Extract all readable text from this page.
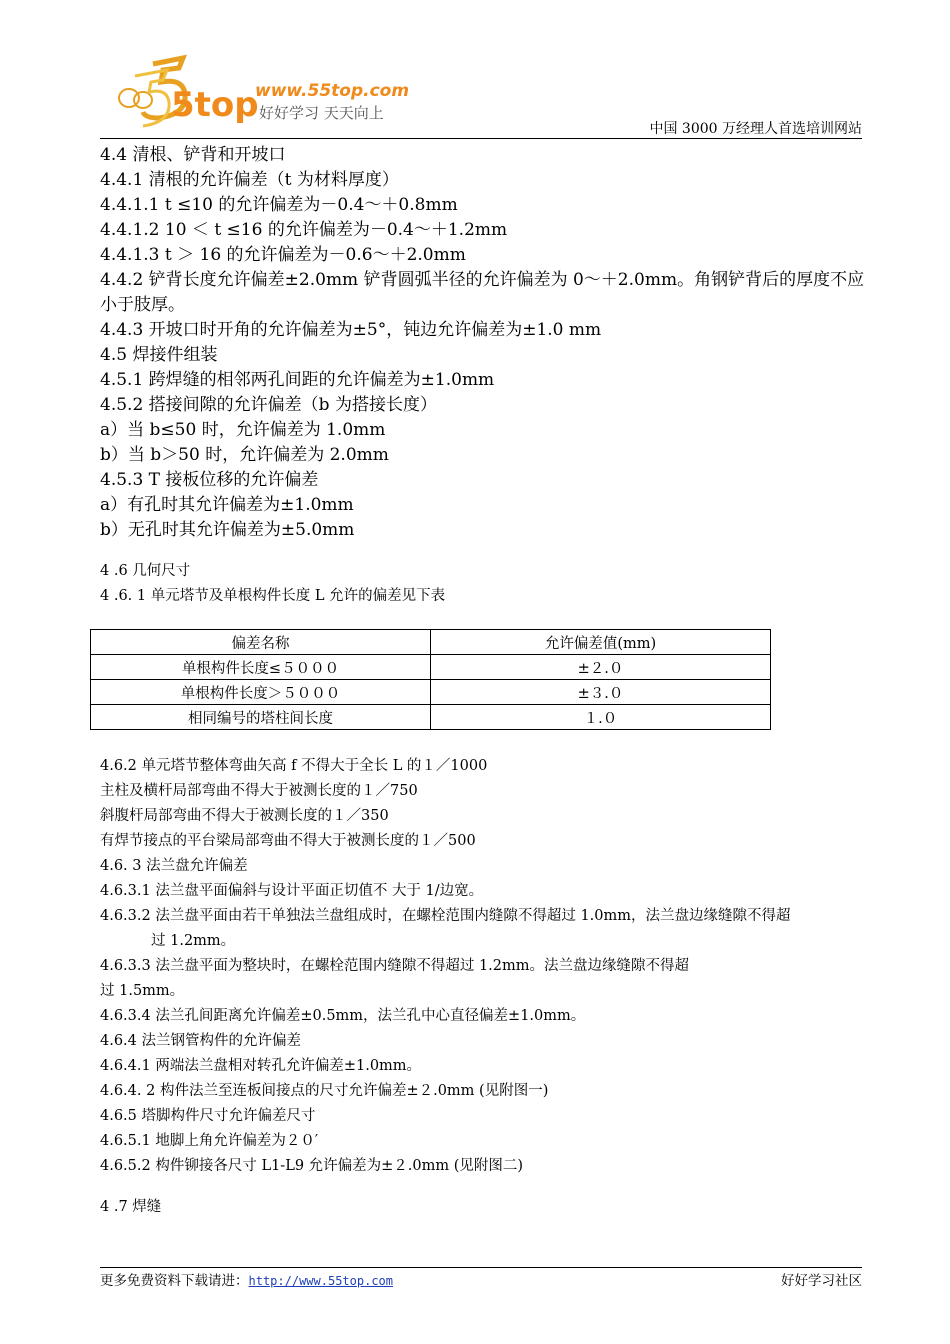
5top
www.55top.com
好好学习 天天向上
中国 3000 万经理人首选培训网站
4.4 清根、铲背和开坡口
4.4.1 清根的允许偏差（t 为材料厚度）
4.4.1.1 t ≤10 的允许偏差为－0.4～＋0.8mm
4.4.1.2 10 ＜ t ≤16 的允许偏差为－0.4～＋1.2mm
4.4.1.3 t ＞ 16 的允许偏差为－0.6～＋2.0mm
4.4.2 铲背长度允许偏差±2.0mm 铲背圆弧半径的允许偏差为 0～＋2.0mm。角钢铲背后的厚度不应小于肢厚。
4.4.3 开坡口时开角的允许偏差为±5°，钝边允许偏差为±1.0 mm
4.5 焊接件组装
4.5.1 跨焊缝的相邻两孔间距的允许偏差为±1.0mm
4.5.2 搭接间隙的允许偏差（b 为搭接长度）
a）当 b≤50 时，允许偏差为 1.0mm
b）当 b＞50 时，允许偏差为 2.0mm
4.5.3 T 接板位移的允许偏差
a）有孔时其允许偏差为±1.0mm
b）无孔时其允许偏差为±5.0mm
4 .6 几何尺寸
4 .6. 1 单元塔节及单根构件长度 L 允许的偏差见下表
偏差名称	允许偏差值(mm)
单根构件长度≤５０００	±２.０
单根构件长度＞５０００	±３.０
相同编号的塔柱间长度	１.０
4.6.2 单元塔节整体弯曲矢高 f 不得大于全长 L 的１／1000
主柱及横杆局部弯曲不得大于被测长度的１／750
斜腹杆局部弯曲不得大于被测长度的１／350
有焊节接点的平台梁局部弯曲不得大于被测长度的１／500
4.6. 3 法兰盘允许偏差
4.6.3.1 法兰盘平面偏斜与设计平面正切值不 大于 1/边宽。
4.6.3.2 法兰盘平面由若干单独法兰盘组成时，在螺栓范围内缝隙不得超过 1.0mm，法兰盘边缘缝隙不得超
过 1.2mm。
4.6.3.3 法兰盘平面为整块时，在螺栓范围内缝隙不得超过 1.2mm。法兰盘边缘缝隙不得超
过 1.5mm。
4.6.3.4 法兰孔间距离允许偏差±0.5mm，法兰孔中心直径偏差±1.0mm。
4.6.4 法兰钢管构件的允许偏差
4.6.4.1 两端法兰盘相对转孔允许偏差±1.0mm。
4.6.4. 2 构件法兰至连板间接点的尺寸允许偏差±２.0mm (见附图一)
4.6.5 塔脚构件尺寸允许偏差尺寸
4.6.5.1 地脚上角允许偏差为２０′
4.6.5.2 构件铆接各尺寸 L1-L9 允许偏差为±２.0mm (见附图二)
4 .7 焊缝
更多免费资料下载请进：http://www.55top.com	好好学习社区
